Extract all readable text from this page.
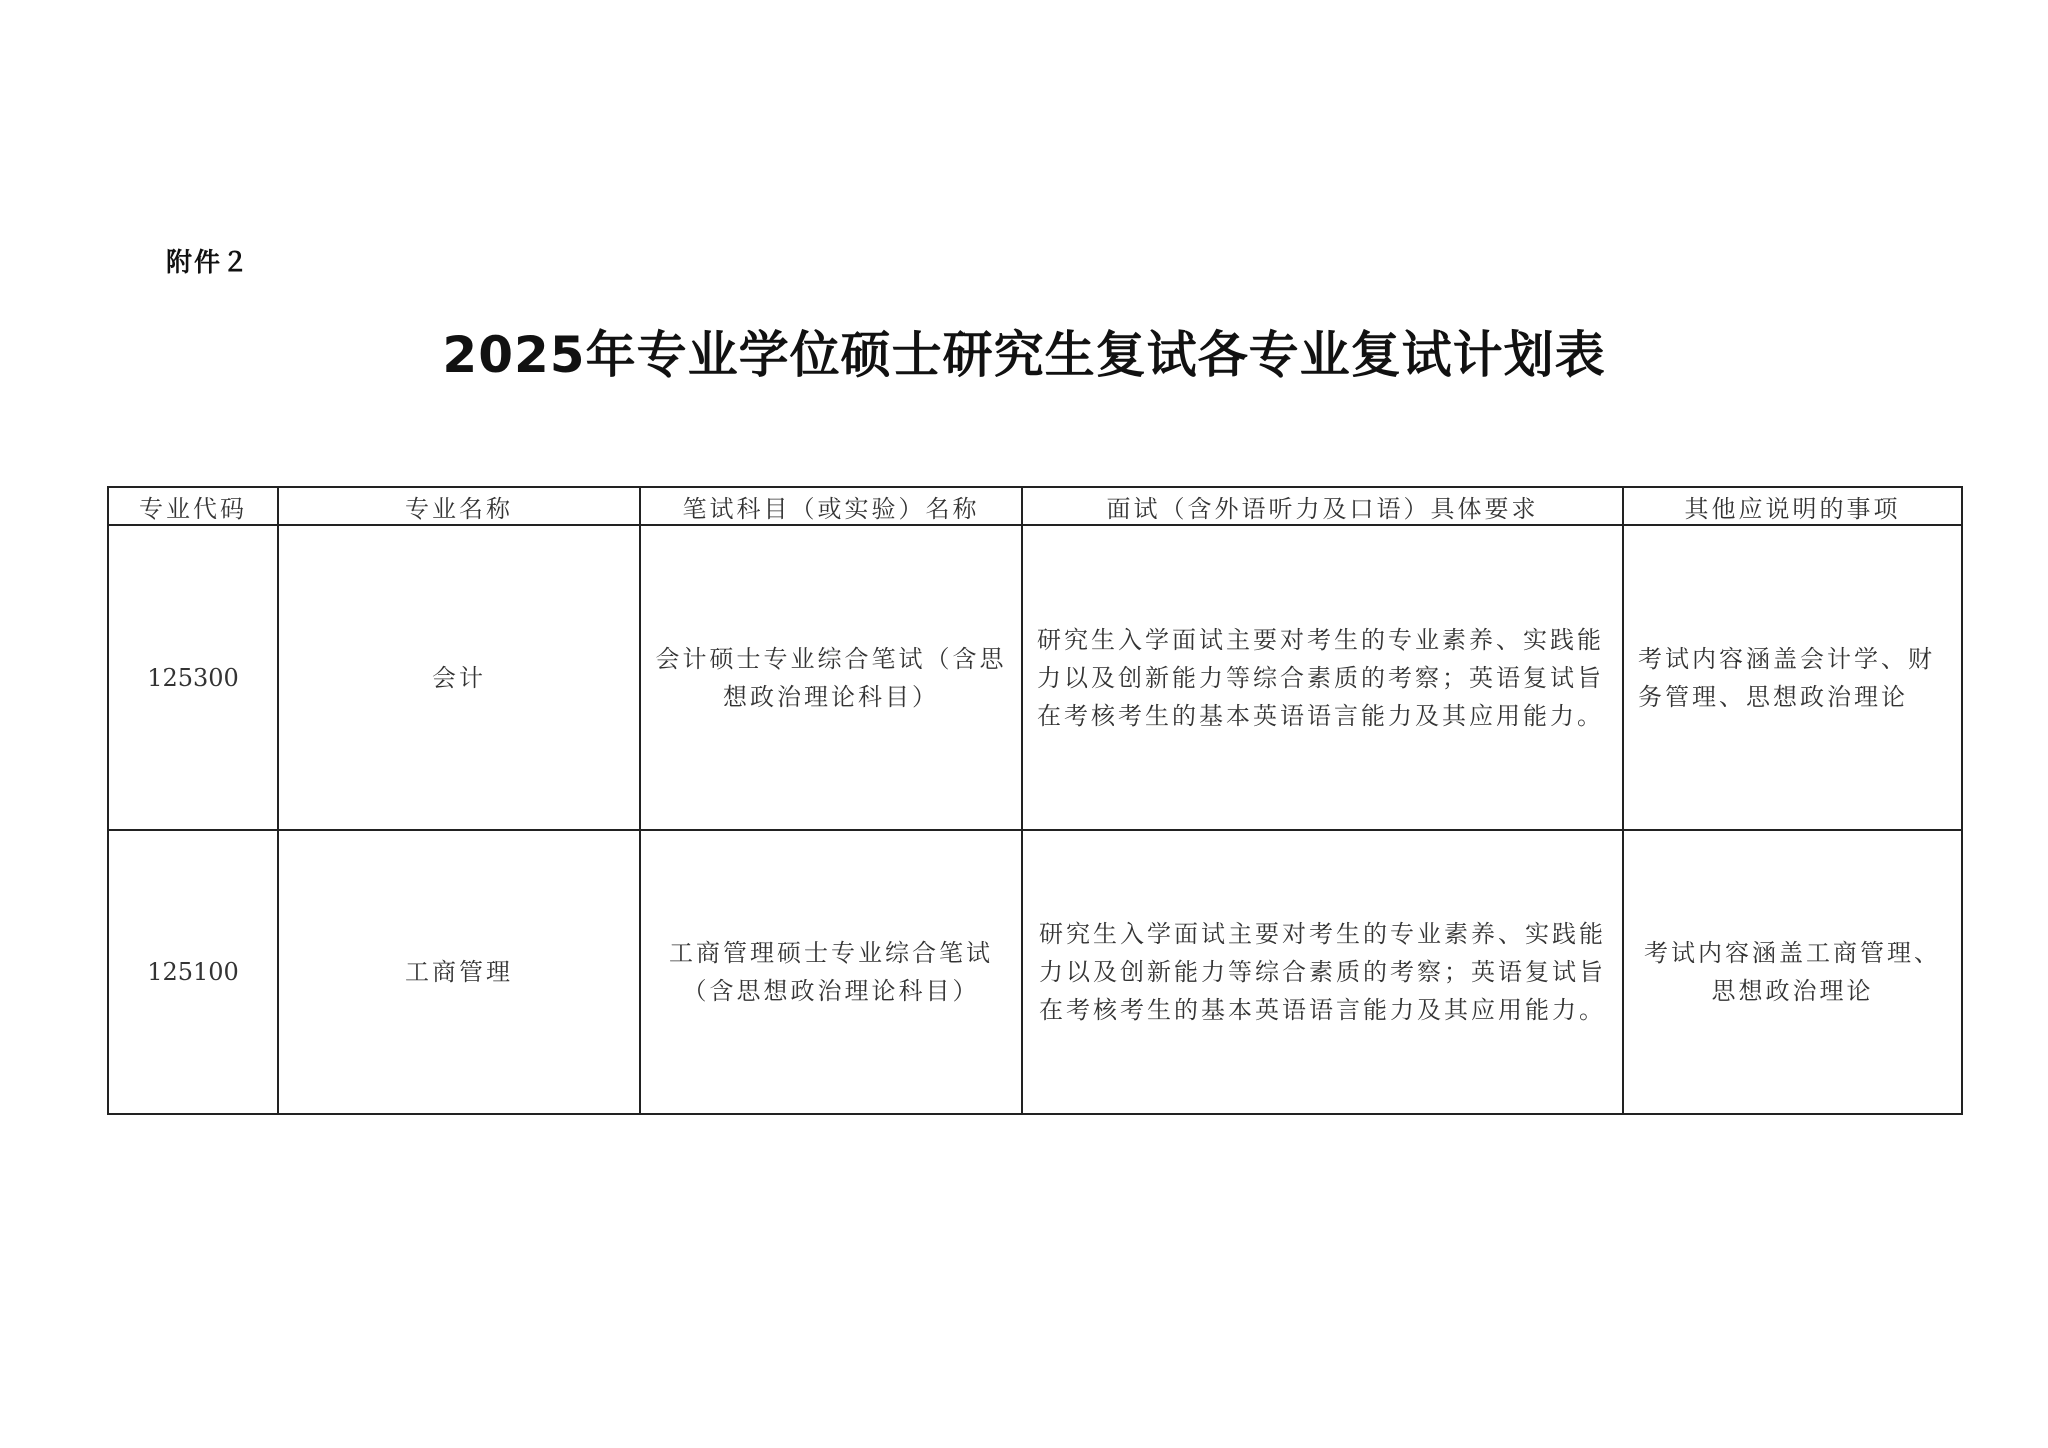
附件２
2025年专业学位硕士研究生复试各专业复试计划表
专业代码	专业名称	笔试科目（或实验）名称	面试（含外语听力及口语）具体要求	其他应说明的事项
125300	会计	会计硕士专业综合笔试（含思想政治理论科目）	研究生入学面试主要对考生的专业素养、实践能力以及创新能力等综合素质的考察；英语复试旨在考核考生的基本英语语言能力及其应用能力。	考试内容涵盖会计学、财务管理、思想政治理论
125100	工商管理	工商管理硕士专业综合笔试（含思想政治理论科目）	研究生入学面试主要对考生的专业素养、实践能力以及创新能力等综合素质的考察；英语复试旨在考核考生的基本英语语言能力及其应用能力。	考试内容涵盖工商管理、思想政治理论
